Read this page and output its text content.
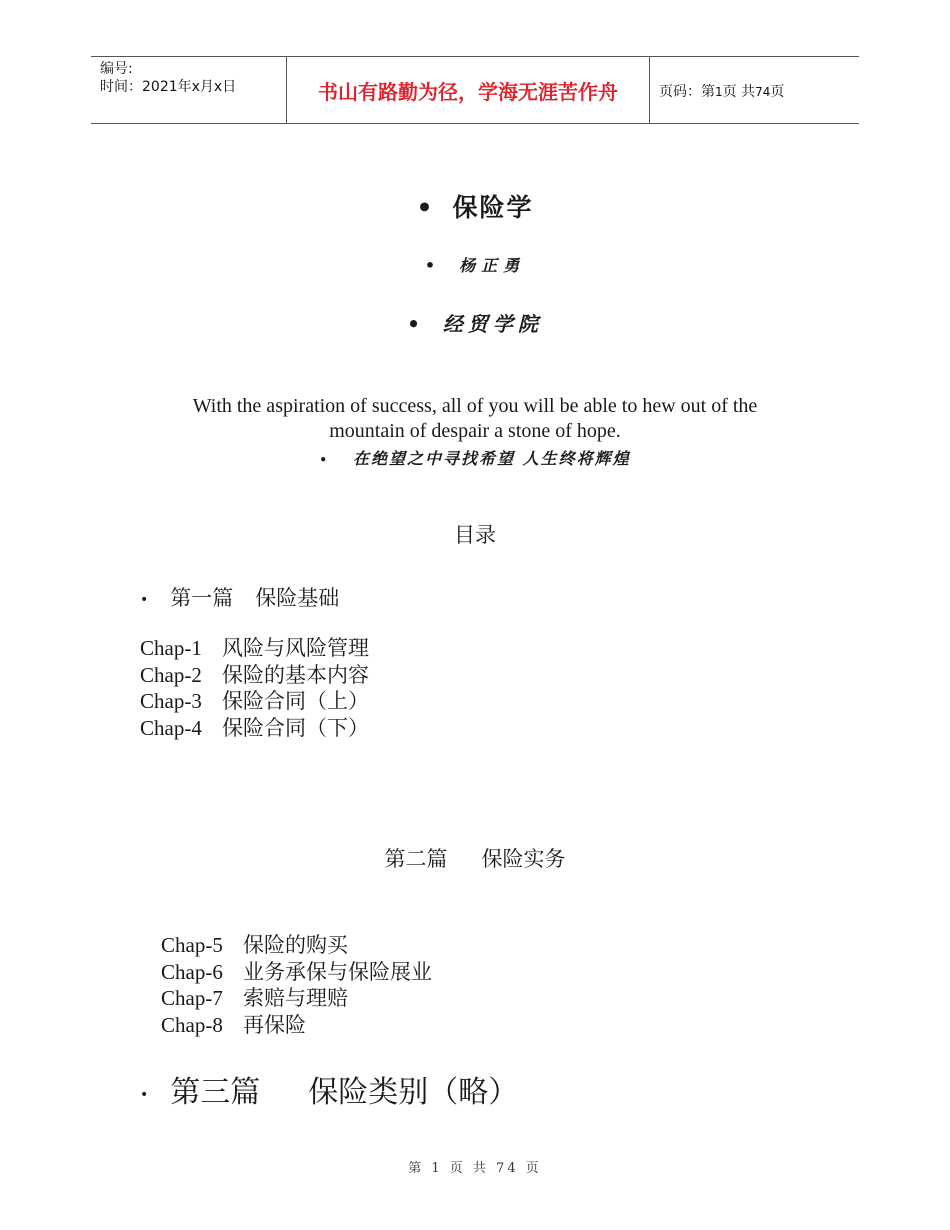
编号:
时间：2021年x月x日	书山有路勤为径，学海无涯苦作舟	页码：第1页 共74页
• 保险学
• 杨正勇
• 经贸学院
With the aspiration of success, all of you will be able to hew out of the mountain of despair a stone of hope.
• 在绝望之中寻找希望 人生终将辉煌
目录
• 第一篇 保险基础
Chap-1 风险与风险管理
Chap-2 保险的基本内容
Chap-3 保险合同（上）
Chap-4 保险合同（下）
第二篇 保险实务
Chap-5 保险的购买
Chap-6 业务承保与保险展业
Chap-7 索赔与理赔
Chap-8 再保险
• 第三篇 保险类别（略）
第 1 页 共 74 页
